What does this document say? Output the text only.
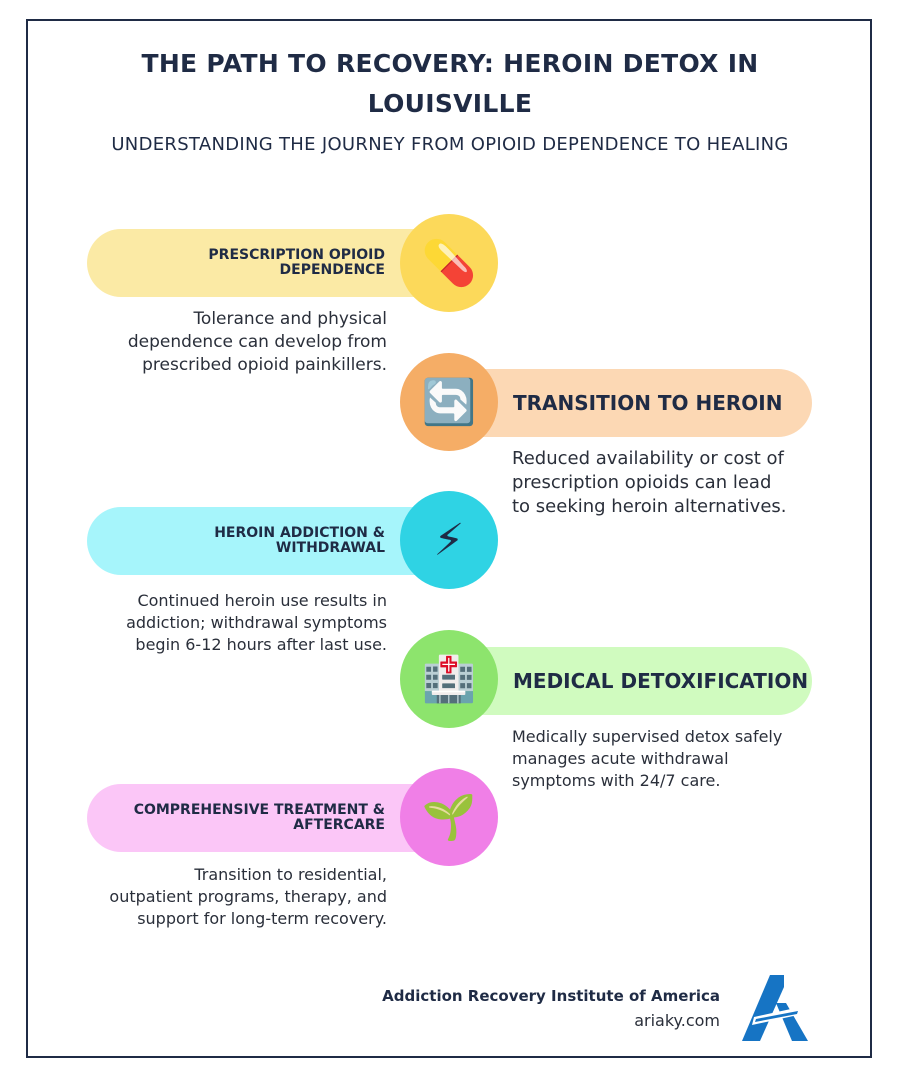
THE PATH TO RECOVERY: HEROIN DETOX IN
LOUISVILLE
UNDERSTANDING THE JOURNEY FROM OPIOID DEPENDENCE TO HEALING
PRESCRIPTION OPIOID
DEPENDENCE 💊
Tolerance and physical
dependence can develop from
prescribed opioid painkillers.
TRANSITION TO HEROIN
🔄
Reduced availability or cost of
prescription opioids can lead
to seeking heroin alternatives.
HEROIN ADDICTION &
WITHDRAWAL ⚡
Continued heroin use results in
addiction; withdrawal symptoms
begin 6-12 hours after last use.
MEDICAL DETOXIFICATION
🏥
Medically supervised detox safely
manages acute withdrawal
symptoms with 24/7 care.
COMPREHENSIVE TREATMENT &
AFTERCARE 🌱
Transition to residential,
outpatient programs, therapy, and
support for long-term recovery.
Addiction Recovery Institute of America
ariaky.com
